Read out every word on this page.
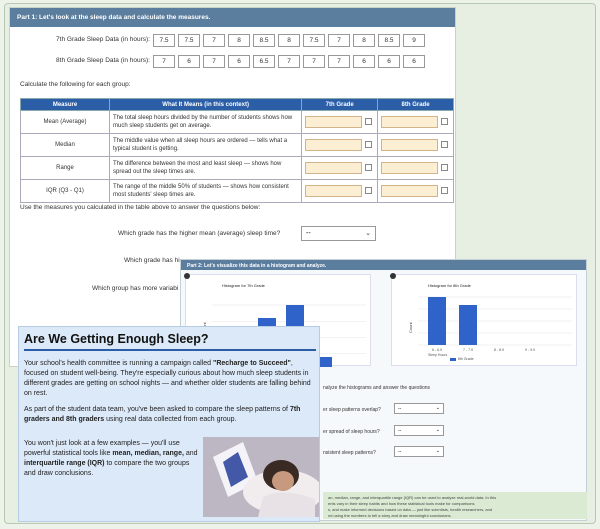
Part 1: Let's look at the sleep data and calculate the measures.
7th Grade Sleep Data (in hours):	7.5	7.5	7	8	8.5	8	7.5	7	8	8.5	9
8th Grade Sleep Data (in hours):	7	6	7	6	6.5	7	7	7	6	6	6
Calculate the following for each group:
Measure	What It Means (in this context)	7th Grade	8th Grade
Mean (Average)	The total sleep hours divided by the number of students shows how much sleep students get on average.	

Median	The middle value when all sleep hours are ordered — tells what a typical student is getting.	

Range	The difference between the most and least sleep — shows how spread out the sleep times are.	

IQR (Q3 - Q1)	The range of the middle 50% of students — shows how consistent most students' sleep times are.	

Use the measures you calculated in the table above to answer the questions below:
Which grade has the higher mean (average) sleep time?	--	⌄
Which grade has hi
Which group has more variabi
Part 2: Let's visualize this data in a histogram and analyze.
Histogram for 7th Grade	Histogram for 8th Grade
Count
6 - 6.9	7 - 7.9	8 - 8.9	9 - 9.9
Sleep Hours
8th Grade
nalyze the histograms and answer the questions
er sleep patterns overlap?	--	⌄
er spread of sleep hours?	--	⌄
nsistent sleep patterns?	--	⌄
an, median, range, and interquartile range (IQR) can be used to analyze real-world data. In this
ents vary in their sleep habits and how these statistical tools make for comparisons
s, and make informed decisions based on data — just like scientists, health researchers, and
nd using the numbers to tell a story and draw meaningful conclusions.
Are We Getting Enough Sleep?
Your school's health committee is running a campaign called "Recharge to Succeed", focused on student well-being. They're especially curious about how much sleep students in different grades are getting on school nights — and whether older students are falling behind on rest.
As part of the student data team, you've been asked to compare the sleep patterns of 7th graders and 8th graders using real data collected from each group.
You won't just look at a few examples — you'll use powerful statistical tools like mean, median, range, and interquartile range (IQR) to compare the two groups and draw conclusions.
